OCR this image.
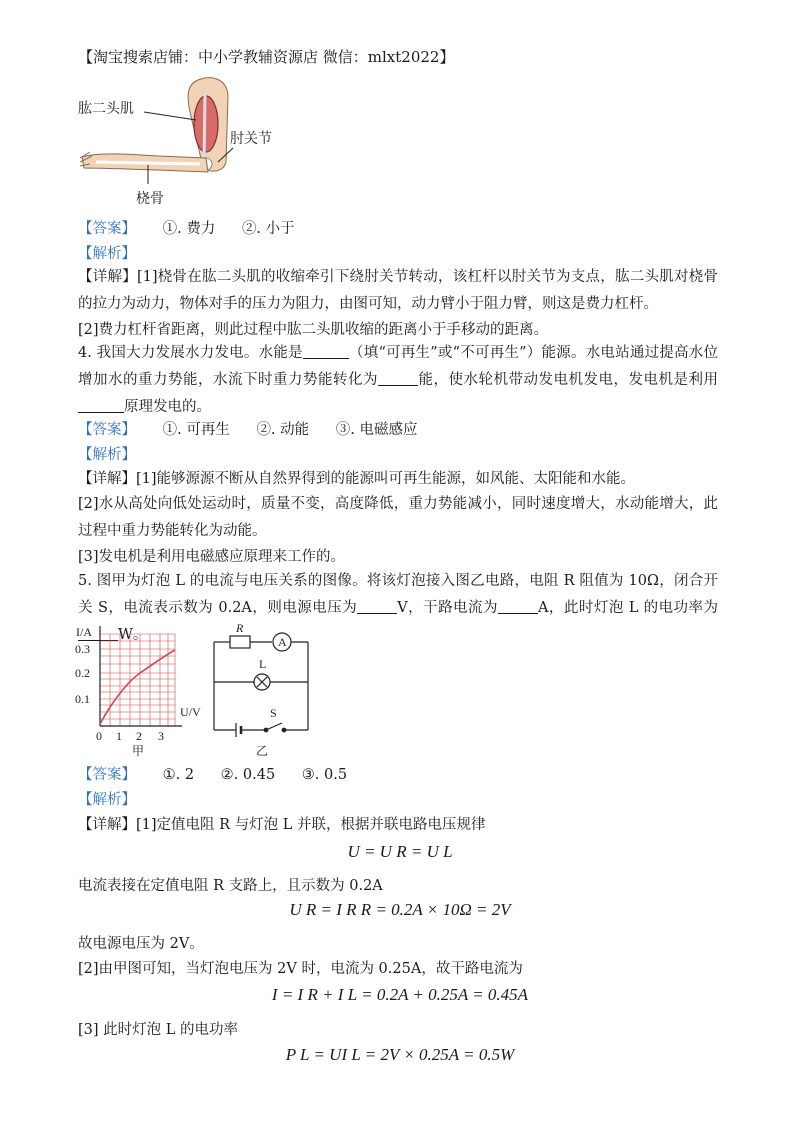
【淘宝搜索店铺：中小学教辅资源店 微信：mlxt2022】
肱二头肌
肘关节
桡骨
【答案】 ①. 费力 ②. 小于
【解析】
【详解】[1]桡骨在肱二头肌的收缩牵引下绕肘关节转动，该杠杆以肘关节为支点，肱二头肌对桡骨的拉力为动力，物体对手的压力为阻力，由图可知，动力臂小于阻力臂，则这是费力杠杆。
[2]费力杠杆省距离，则此过程中肱二头肌收缩的距离小于手移动的距离。
4. 我国大力发展水力发电。水能是	（填“可再生”或“不可再生”）能源。水电站通过提高水位增加水的重力势能，水流下时重力势能转化为	能，使水轮机带动发电机发电，发电机是利用原理发电的。
【答案】 ①. 可再生 ②. 动能 ③. 电磁感应
【解析】
【详解】[1]能够源源不断从自然界得到的能源叫可再生能源，如风能、太阳能和水能。
[2]水从高处向低处运动时，质量不变，高度降低，重力势能减小，同时速度增大，水动能增大，此过程中重力势能转化为动能。
[3]发电机是利用电磁感应原理来工作的。
5. 图甲为灯泡 L 的电流与电压关系的图像。将该灯泡接入图乙电路，电阻 R 阻值为 10Ω，闭合开关 S，电流表示数为 0.2A，则电源电压为	V，干路电流为	A，此时灯泡 L 的电功率为W。
I/A
0.3
0.2
0.1
U/V
0 1 2 3
甲
R
A
L
S
乙
【答案】 ①. 2 ②. 0.45 ③. 0.5
【解析】
【详解】[1]定值电阻 R 与灯泡 L 并联，根据并联电路电压规律
U = U R = U L
电流表接在定值电阻 R 支路上，且示数为 0.2A
U R = I R R = 0.2A × 10Ω = 2V
故电源电压为 2V。
[2]由甲图可知，当灯泡电压为 2V 时，电流为 0.25A，故干路电流为
I = I R + I L = 0.2A + 0.25A = 0.45A
[3] 此时灯泡 L 的电功率
P L = UI L = 2V × 0.25A = 0.5W
